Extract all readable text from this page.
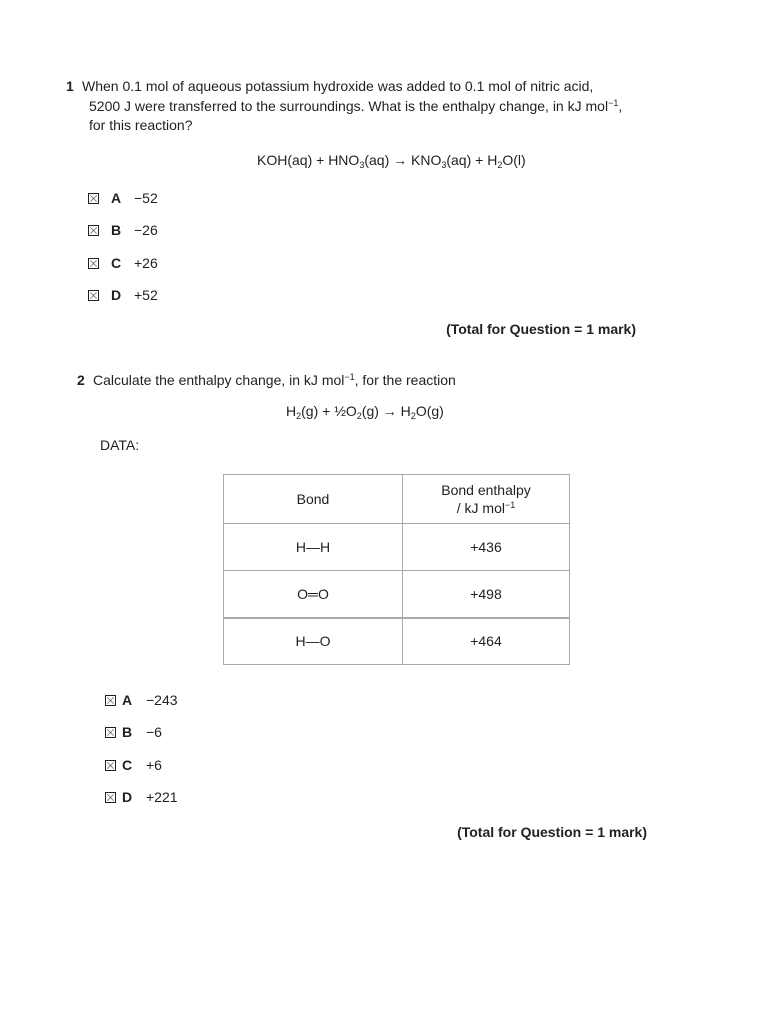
1 When 0.1 mol of aqueous potassium hydroxide was added to 0.1 mol of nitric acid,
5200 J were transferred to the surroundings. What is the enthalpy change, in kJ mol$^{-1}$,
for this reaction?
$KOH(aq) + HNO_3(aq) \to KNO_3(aq) + H_2O(l)$
A −52
B −26
C +26
D +52
(Total for Question = 1 mark)
2 Calculate the enthalpy change, in kJ mol$^{-1}$, for the reaction
$H_2(g)$ + $\frac{1}{2}O_2(g) \to H_2O(g)$
DATA:
Bond	Bond enthalpy
/ kJ mol$^{-1}$
H—H	+436
O═O	+498
H—O	+464
A −243
B −6
C +6
D +221
(Total for Question = 1 mark)
